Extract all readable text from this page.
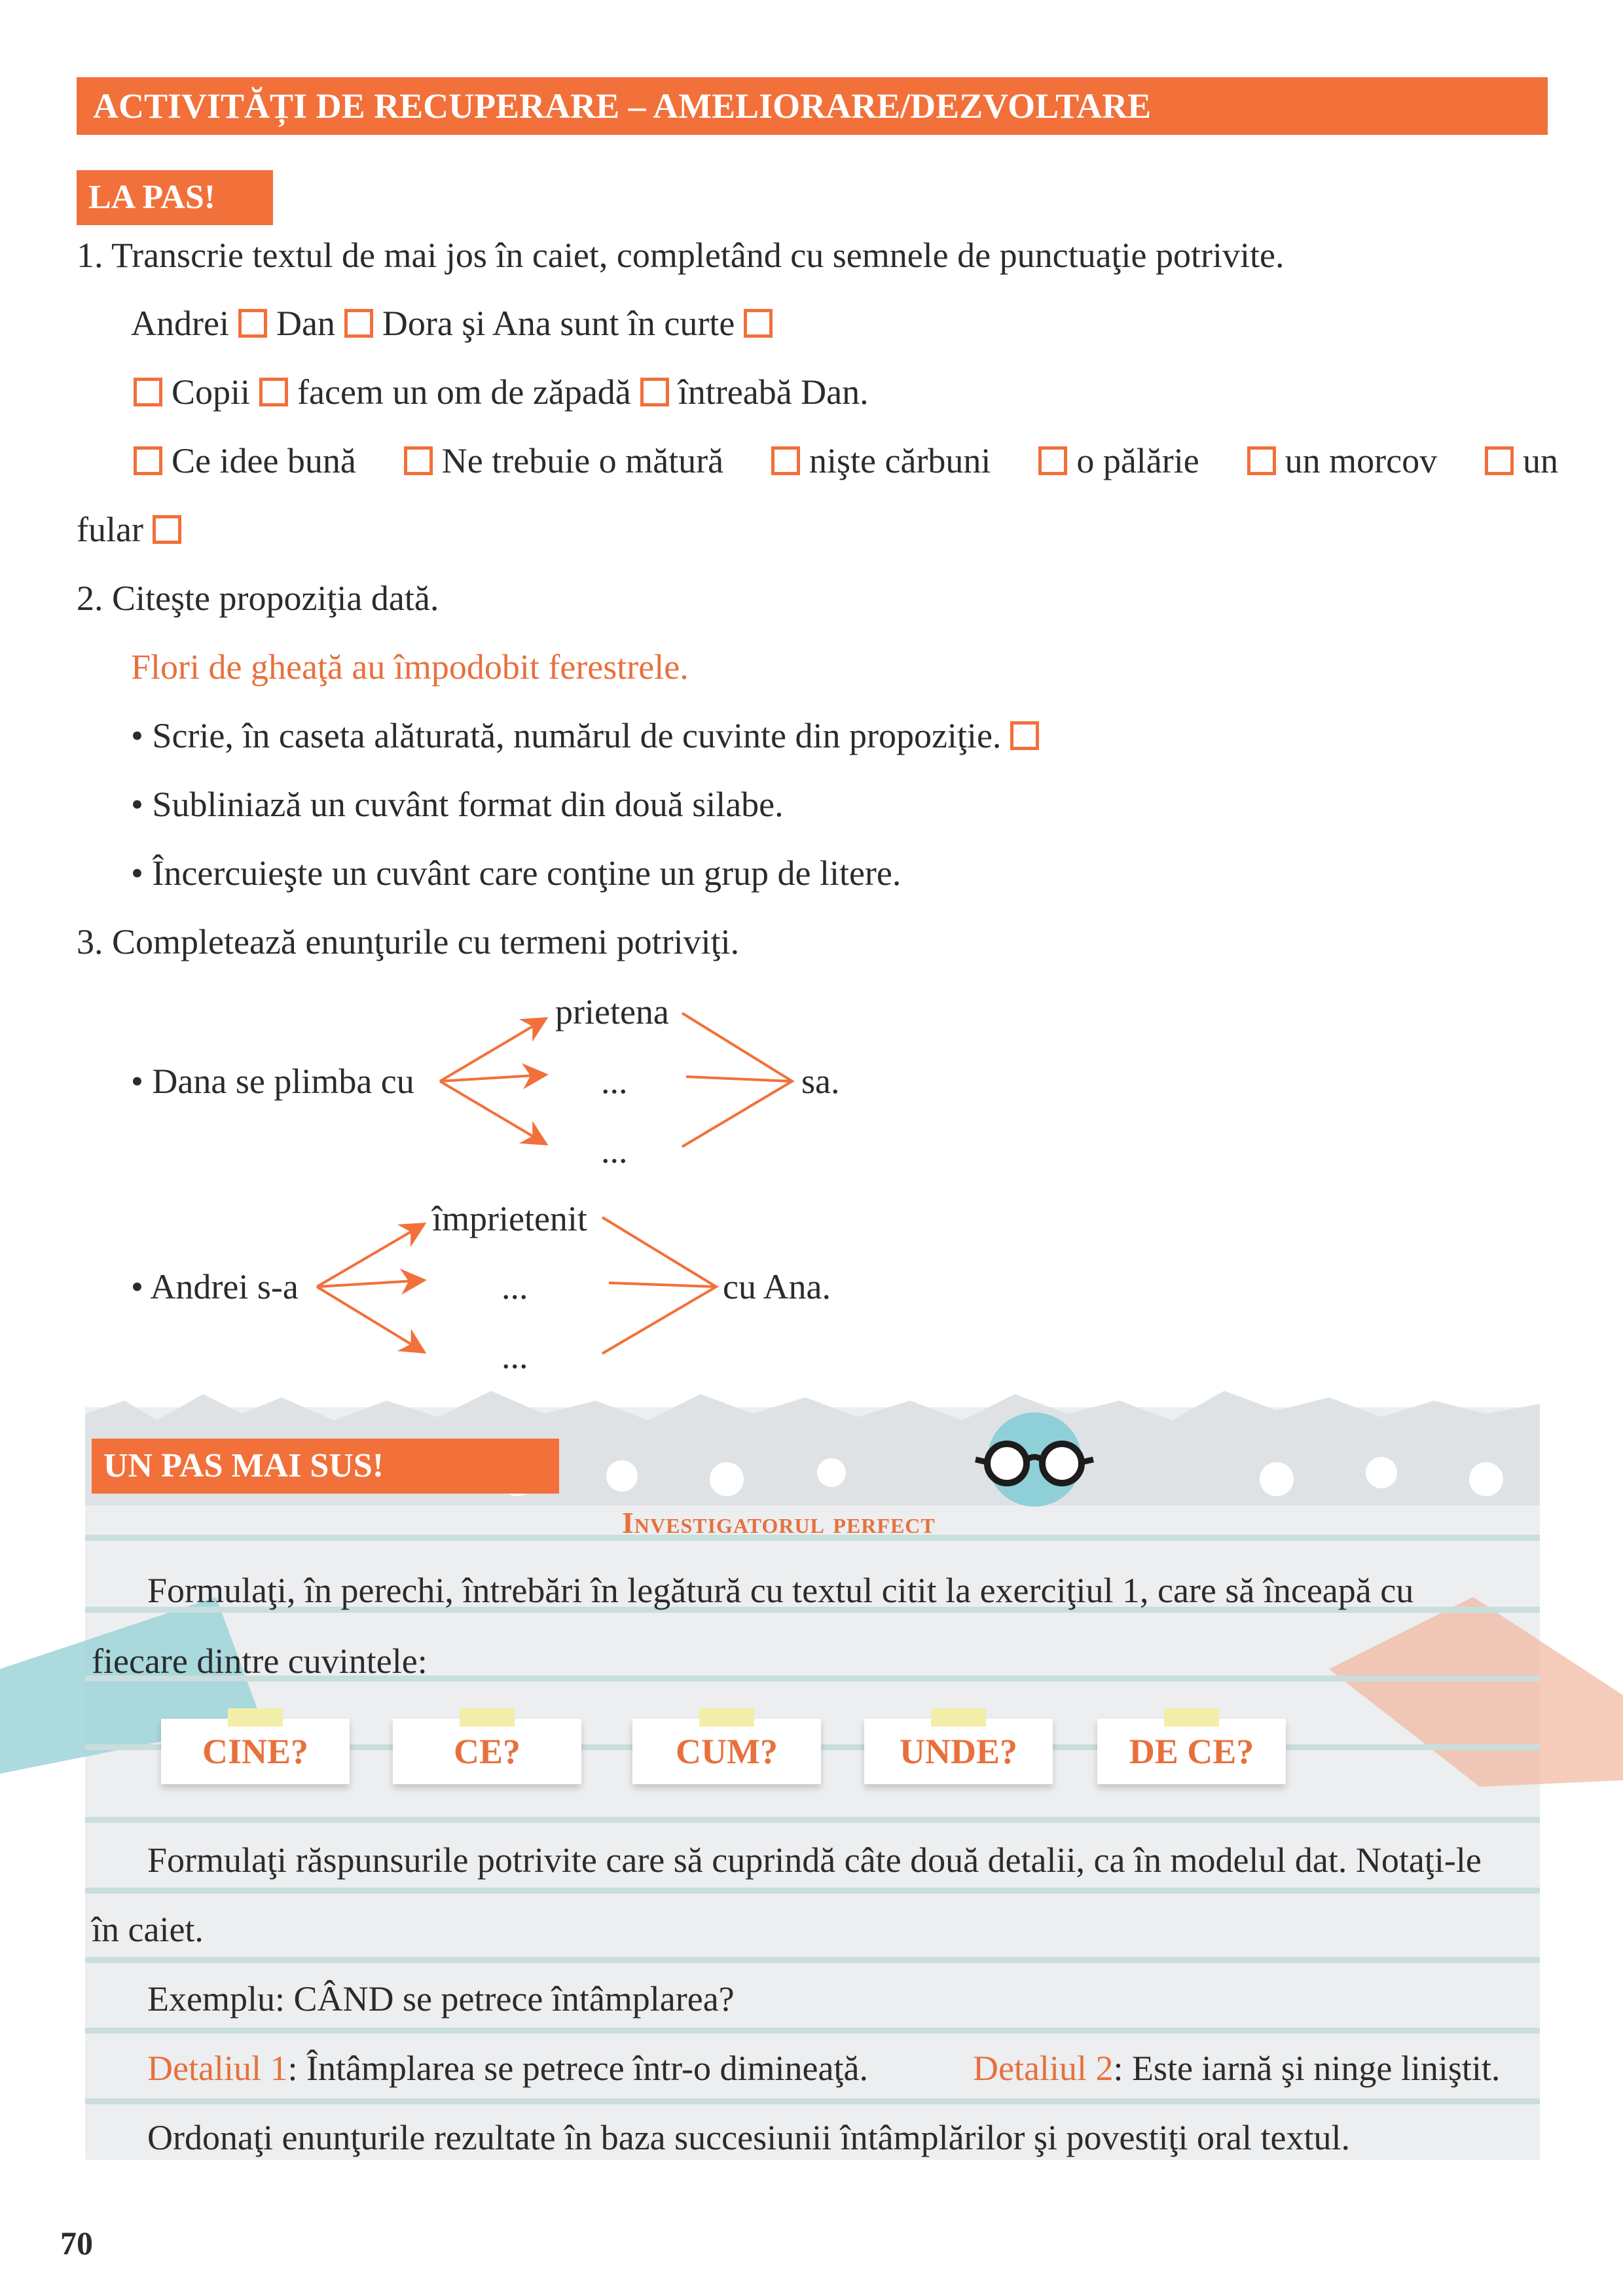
ACTIVITĂȚI DE RECUPERARE – AMELIORARE/DEZVOLTARE
LA PAS!
1. Transcrie textul de mai jos în caiet, completând cu semnele de punctuaţie potrivite.
Andrei Dan Dora şi Ana sunt în curte
Copii facem un om de zăpadă întreabă Dan.
Ce idee bună	Ne trebuie o mătură	nişte cărbuni	o pălărie	un morcov	un
fular
2. Citeşte propoziţia dată.
Flori de gheaţă au împodobit ferestrele.
• Scrie, în caseta alăturată, numărul de cuvinte din propoziţie.
• Subliniază un cuvânt format din două silabe.
• Încercuieşte un cuvânt care conţine un grup de litere.
3. Completează enunţurile cu termeni potriviţi.
• Dana se plimba cu
prietena
...
...
sa.
• Andrei s-a
împrietenit
...
...
cu Ana.
UN PAS MAI SUS!
Investigatorul perfect
Formulaţi, în perechi, întrebări în legătură cu textul citit la exerciţiul 1, care să înceapă cu
fiecare dintre cuvintele:
CINE?	CE?	CUM?	UNDE?	DE CE?
Formulaţi răspunsurile potrivite care să cuprindă câte două detalii, ca în modelul dat. Notaţi-le
în caiet.
Exemplu: CÂND se petrece întâmplarea?
Detaliul 1: Întâmplarea se petrece într-o dimineaţă.	Detaliul 2: Este iarnă şi ninge liniştit.
Ordonaţi enunţurile rezultate în baza succesiunii întâmplărilor şi povestiţi oral textul.
70
